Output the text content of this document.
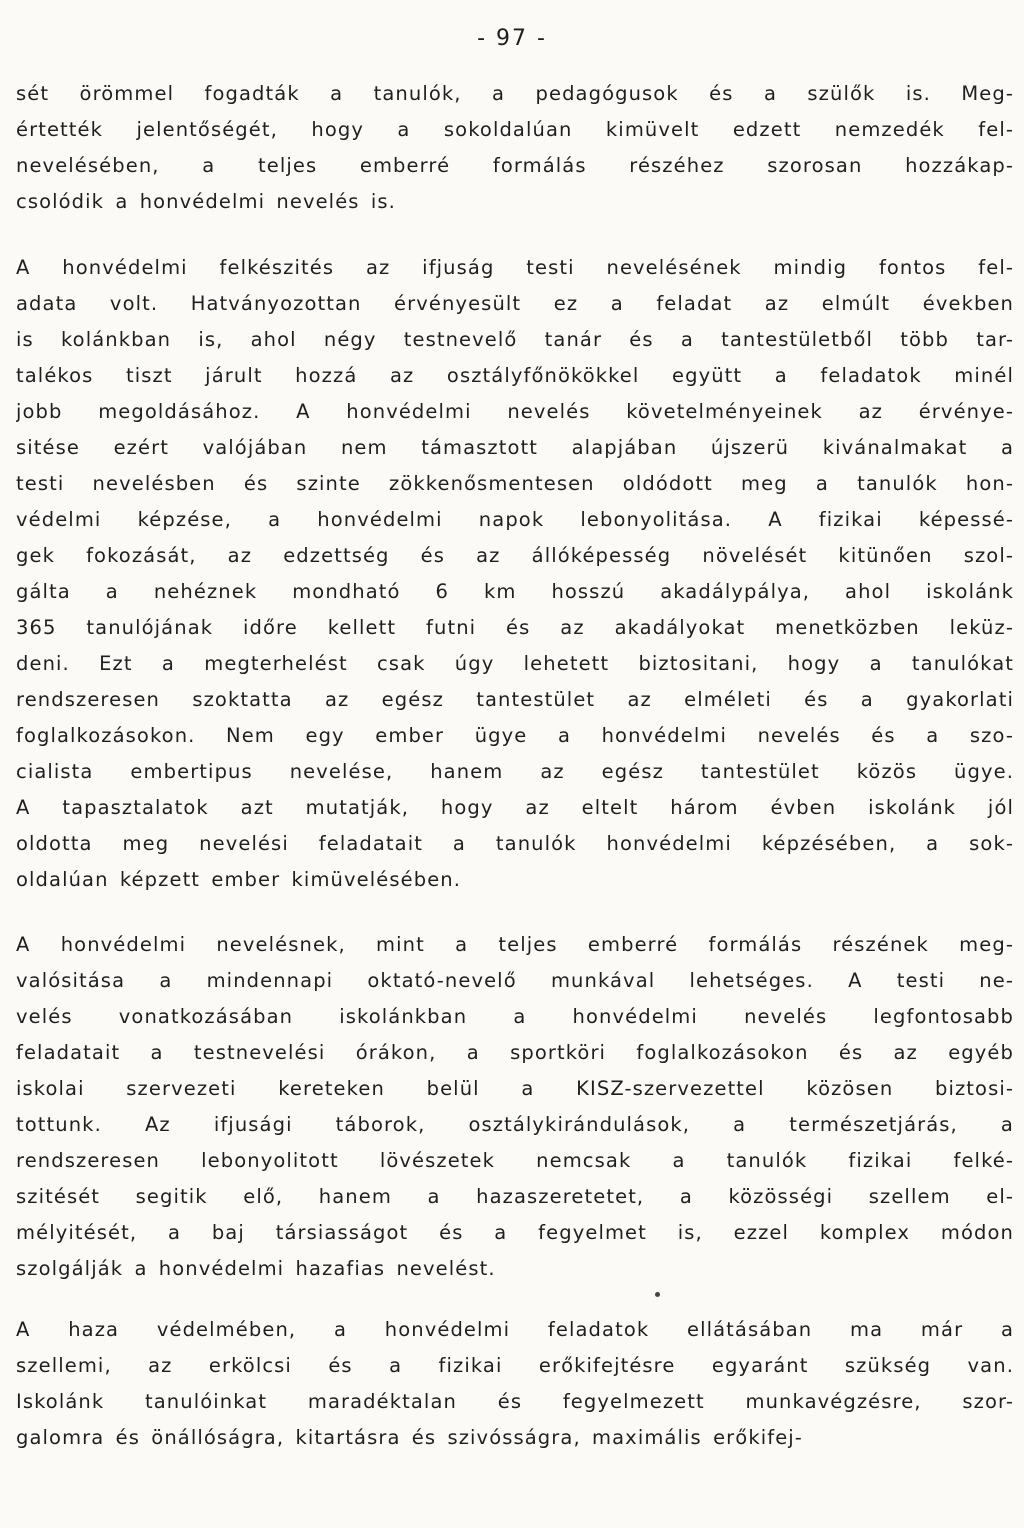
- 97 -
sét örömmel fogadták a tanulók, a pedagógusok és a szülők is. Meg-
értették jelentőségét, hogy a sokoldalúan kimüvelt edzett nemzedék fel-
nevelésében, a teljes emberré formálás részéhez szorosan hozzákap-
csolódik a honvédelmi nevelés is.
A honvédelmi felkészités az ifjuság testi nevelésének mindig fontos fel-
adata volt. Hatványozottan érvényesült ez a feladat az elmúlt években
is kolánkban is, ahol négy testnevelő tanár és a tantestületből több tar-
talékos tiszt járult hozzá az osztályfőnökökkel együtt a feladatok minél
jobb megoldásához. A honvédelmi nevelés követelményeinek az érvénye-
sitése ezért valójában nem támasztott alapjában újszerü kivánalmakat a
testi nevelésben és szinte zökkenősmentesen oldódott meg a tanulók hon-
védelmi képzése, a honvédelmi napok lebonyolitása. A fizikai képessé-
gek fokozását, az edzettség és az állóképesség növelését kitünően szol-
gálta a nehéznek mondható 6 km hosszú akadálypálya, ahol iskolánk
365 tanulójának időre kellett futni és az akadályokat menetközben leküz-
deni. Ezt a megterhelést csak úgy lehetett biztositani, hogy a tanulókat
rendszeresen szoktatta az egész tantestület az elméleti és a gyakorlati
foglalkozásokon. Nem egy ember ügye a honvédelmi nevelés és a szo-
cialista embertipus nevelése, hanem az egész tantestület közös ügye.
A tapasztalatok azt mutatják, hogy az eltelt három évben iskolánk jól
oldotta meg nevelési feladatait a tanulók honvédelmi képzésében, a sok-
oldalúan képzett ember kimüvelésében.
A honvédelmi nevelésnek, mint a teljes emberré formálás részének meg-
valósitása a mindennapi oktató-nevelő munkával lehetséges. A testi ne-
velés vonatkozásában iskolánkban a honvédelmi nevelés legfontosabb
feladatait a testnevelési órákon, a sportköri foglalkozásokon és az egyéb
iskolai szervezeti kereteken belül a KISZ-szervezettel közösen biztosi-
tottunk. Az ifjusági táborok, osztálykirándulások, a természetjárás, a
rendszeresen lebonyolitott lövészetek nemcsak a tanulók fizikai felké-
szitését segitik elő, hanem a hazaszeretetet, a közösségi szellem el-
mélyitését, a baj társiasságot és a fegyelmet is, ezzel komplex módon
szolgálják a honvédelmi hazafias nevelést.
A haza védelmében, a honvédelmi feladatok ellátásában ma már a
szellemi, az erkölcsi és a fizikai erőkifejtésre egyaránt szükség van.
Iskolánk tanulóinkat maradéktalan és fegyelmezett munkavégzésre, szor-
galomra és önállóságra, kitartásra és szivósságra, maximális erőkifej-
